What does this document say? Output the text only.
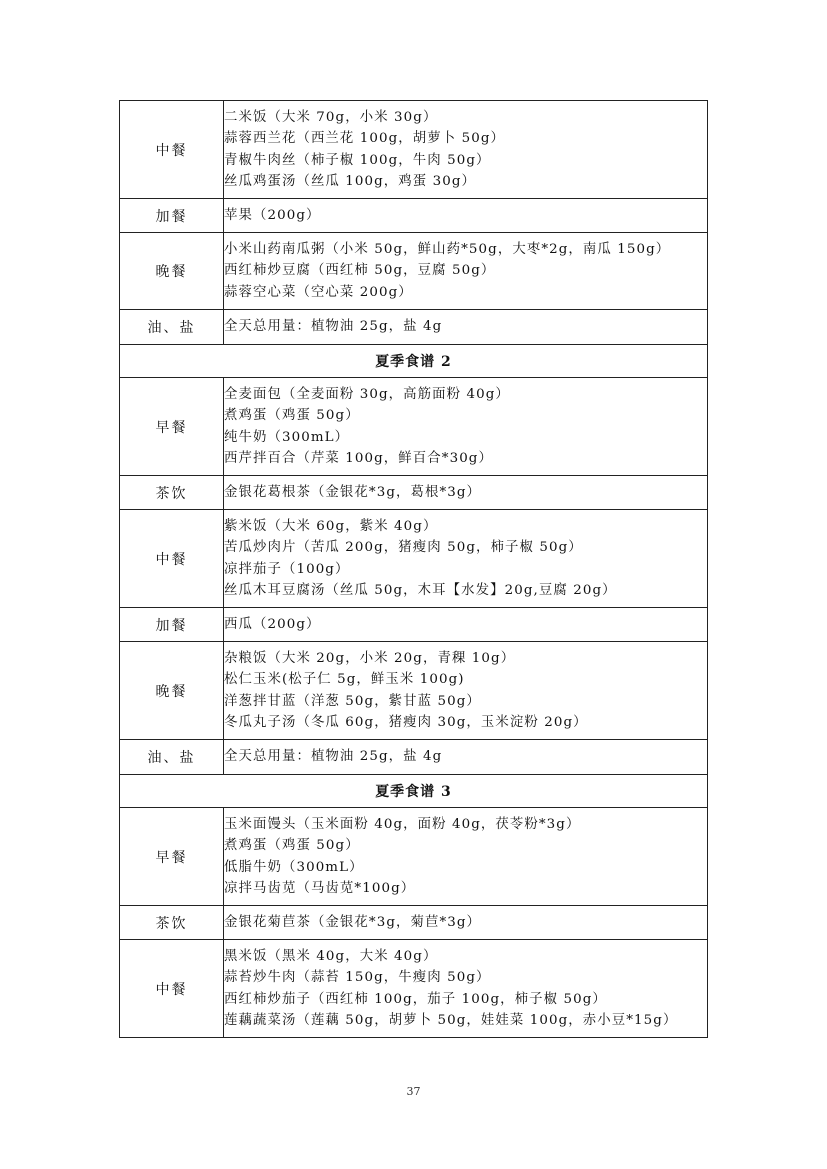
中餐	二米饭（大米 70g，小米 30g）
蒜蓉西兰花（西兰花 100g，胡萝卜 50g）
青椒牛肉丝（柿子椒 100g，牛肉 50g）
丝瓜鸡蛋汤（丝瓜 100g，鸡蛋 30g）

加餐	苹果（200g）

晚餐	小米山药南瓜粥（小米 50g，鲜山药*50g，大枣*2g，南瓜 150g）
西红柿炒豆腐（西红柿 50g，豆腐 50g）
蒜蓉空心菜（空心菜 200g）

油、盐	全天总用量：植物油 25g，盐 4g

夏季食谱 2	
早餐	全麦面包（全麦面粉 30g，高筋面粉 40g）
煮鸡蛋（鸡蛋 50g）
纯牛奶（300mL）
西芹拌百合（芹菜 100g，鲜百合*30g）

茶饮	金银花葛根茶（金银花*3g，葛根*3g）

中餐	紫米饭（大米 60g，紫米 40g）
苦瓜炒肉片（苦瓜 200g，猪瘦肉 50g，柿子椒 50g）
凉拌茄子（100g）
丝瓜木耳豆腐汤（丝瓜 50g，木耳【水发】20g,豆腐 20g）

加餐	西瓜（200g）

晚餐	杂粮饭（大米 20g，小米 20g，青稞 10g）
松仁玉米(松子仁 5g，鲜玉米 100g)
洋葱拌甘蓝（洋葱 50g，紫甘蓝 50g）
冬瓜丸子汤（冬瓜 60g，猪瘦肉 30g，玉米淀粉 20g）

油、盐	全天总用量：植物油 25g，盐 4g

夏季食谱 3	
早餐	玉米面馒头（玉米面粉 40g，面粉 40g，茯苓粉*3g）
煮鸡蛋（鸡蛋 50g）
低脂牛奶（300mL）
凉拌马齿苋（马齿苋*100g）

茶饮	金银花菊苣茶（金银花*3g，菊苣*3g）

中餐	黑米饭（黑米 40g，大米 40g）
蒜苔炒牛肉（蒜苔 150g，牛瘦肉 50g）
西红柿炒茄子（西红柿 100g，茄子 100g，柿子椒 50g）
莲藕蔬菜汤（莲藕 50g，胡萝卜 50g，娃娃菜 100g，赤小豆*15g）
37
